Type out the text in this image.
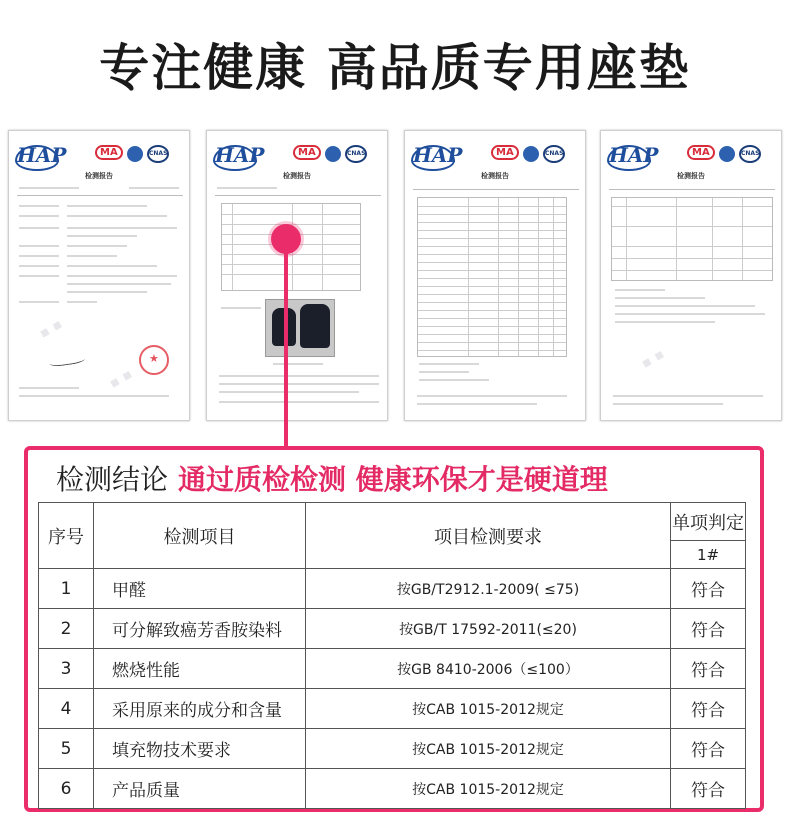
专注健康 高品质专用座垫
HAP	MA	CNAS
检测报告
▪ ▪
▪ ▪
★
HAP	MA	CNAS
检测报告
HAP	MA	CNAS
检测报告
HAP	MA	CNAS
检测报告
▪ ▪
检测结论 通过质检检测 健康环保才是硬道理
序号	检测项目	项目检测要求	单项判定
			1#
1	甲醛	按GB/T2912.1-2009( ≤75)	符合
2	可分解致癌芳香胺染料	按GB/T 17592-2011(≤20)	符合
3	燃烧性能	按GB 8410-2006（≤100）	符合
4	采用原来的成分和含量	按CAB 1015-2012规定	符合
5	填充物技术要求	按CAB 1015-2012规定	符合
6	产品质量	按CAB 1015-2012规定	符合
